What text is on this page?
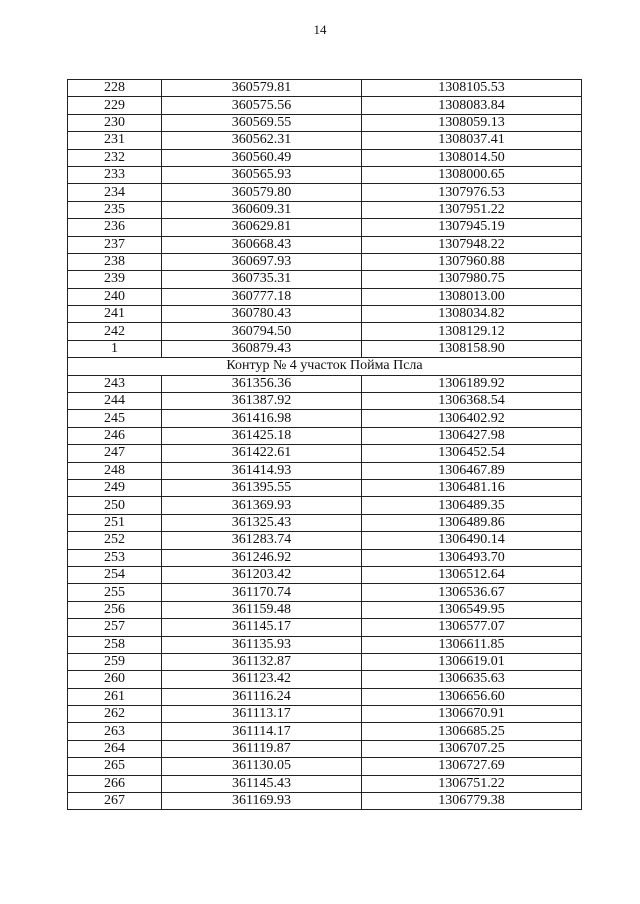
14
228	360579.81	1308105.53
229	360575.56	1308083.84
230	360569.55	1308059.13
231	360562.31	1308037.41
232	360560.49	1308014.50
233	360565.93	1308000.65
234	360579.80	1307976.53
235	360609.31	1307951.22
236	360629.81	1307945.19
237	360668.43	1307948.22
238	360697.93	1307960.88
239	360735.31	1307980.75
240	360777.18	1308013.00
241	360780.43	1308034.82
242	360794.50	1308129.12
1	360879.43	1308158.90
Контур № 4 участок Пойма Псла		
243	361356.36	1306189.92
244	361387.92	1306368.54
245	361416.98	1306402.92
246	361425.18	1306427.98
247	361422.61	1306452.54
248	361414.93	1306467.89
249	361395.55	1306481.16
250	361369.93	1306489.35
251	361325.43	1306489.86
252	361283.74	1306490.14
253	361246.92	1306493.70
254	361203.42	1306512.64
255	361170.74	1306536.67
256	361159.48	1306549.95
257	361145.17	1306577.07
258	361135.93	1306611.85
259	361132.87	1306619.01
260	361123.42	1306635.63
261	361116.24	1306656.60
262	361113.17	1306670.91
263	361114.17	1306685.25
264	361119.87	1306707.25
265	361130.05	1306727.69
266	361145.43	1306751.22
267	361169.93	1306779.38
